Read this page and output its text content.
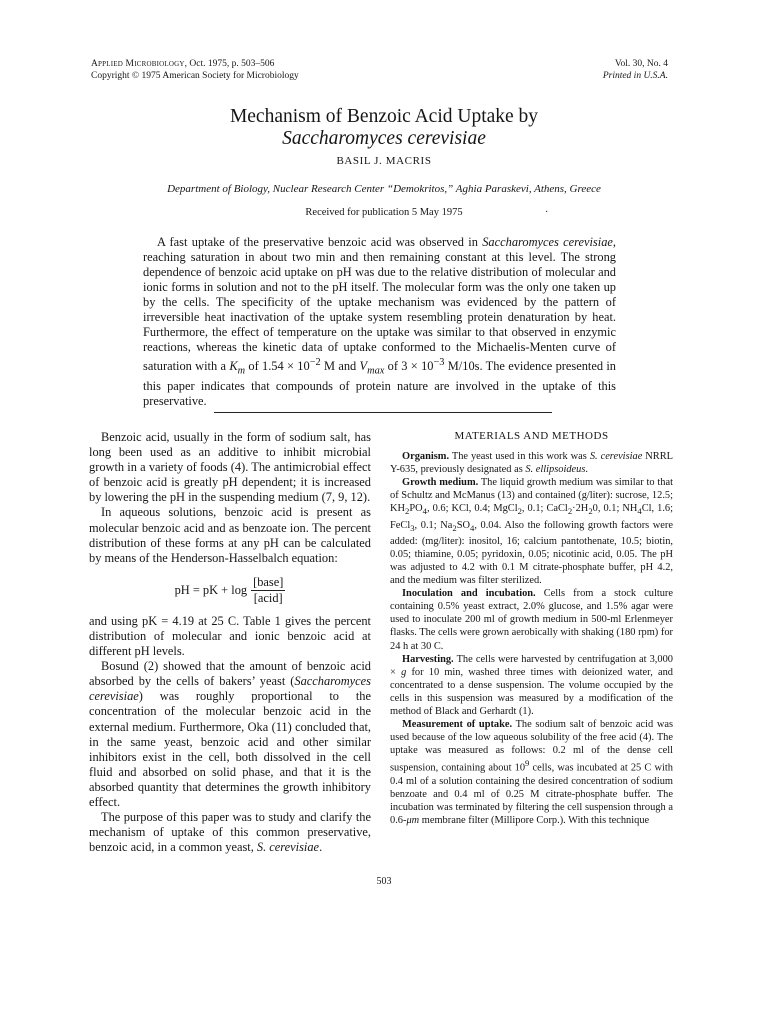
Applied Microbiology, Oct. 1975, p. 503–506
Copyright © 1975 American Society for Microbiology
Vol. 30, No. 4
Printed in U.S.A.
Mechanism of Benzoic Acid Uptake by
Saccharomyces cerevisiae
BASIL J. MACRIS
Department of Biology, Nuclear Research Center “Demokritos,” Aghia Paraskevi, Athens, Greece
Received for publication 5 May 1975	·

A fast uptake of the preservative benzoic acid was observed in Saccharomyces cerevisiae, reaching saturation in about two min and then remaining constant at this level. The strong dependence of benzoic acid uptake on pH was due to the relative distribution of molecular and ionic forms in solution and not to the pH itself. The molecular form was the only one taken up by the cells. The specificity of the uptake mechanism was evidenced by the pattern of irreversible heat inactivation of the uptake system resembling protein denaturation by heat. Furthermore, the effect of temperature on the uptake was similar to that observed in enzymic reactions, whereas the kinetic data of uptake conformed to the Michaelis-Menten curve of saturation with a $K_m$ of $1.54 \times 10^{-2}$ M and $V_{max}$ of $3 \times 10^{-3}$ M/10s. The evidence presented in this paper indicates that compounds of protein nature are involved in the uptake of this preservative.

Benzoic acid, usually in the form of sodium salt, has long been used as an additive to inhibit microbial growth in a variety of foods (4). The antimicrobial effect of benzoic acid is greatly pH dependent; it is increased by lowering the pH in the suspending medium (7, 9, 12).

In aqueous solutions, benzoic acid is present as molecular benzoic acid and as benzoate ion. The percent distribution of these forms at any pH can be calculated by means of the Henderson-Hasselbalch equation:

pH = pK + $\log \frac{\text{[base]}}{\text{[acid]}}$

and using pK = 4.19 at 25 C. Table 1 gives the percent distribution of molecular and ionic benzoic acid at different pH levels.

Bosund (2) showed that the amount of benzoic acid absorbed by the cells of bakers’ yeast (Saccharomyces cerevisiae) was roughly proportional to the concentration of the molecular benzoic acid in the external medium. Furthermore, Oka (11) concluded that, in the same yeast, benzoic acid and other similar inhibitors exist in the cell, both dissolved in the cell fluid and absorbed on solid phase, and that it is the absorbed quantity that determines the growth inhibitory effect.

The purpose of this paper was to study and clarify the mechanism of uptake of this common preservative, benzoic acid, in a common yeast, S. cerevisiae.

MATERIALS AND METHODS

Organism. The yeast used in this work was S. cerevisiae NRRL Y-635, previously designated as S. ellipsoideus.

Growth medium. The liquid growth medium was similar to that of Schultz and McManus (13) and contained (g/liter): sucrose, 12.5; $KH_2PO_4$, 0.6; KCl, 0.4; MgCl$_2$, 0.1; $CaCl_2\cdot 2H_20$, 0.1; $NH_4Cl$, 1.6; FeCl$_3$, 0.1; $Na_2SO_4$, 0.04. Also the following growth factors were added: (mg/liter): inositol, 16; calcium pantothenate, 10.5; biotin, 0.05; thiamine, 0.05; pyridoxin, 0.05; nicotinic acid, 0.05. The pH was adjusted to 4.2 with 0.1 M citrate-phosphate buffer, pH 4.2, and the medium was filter sterilized.

Inoculation and incubation. Cells from a stock culture containing 0.5% yeast extract, 2.0% glucose, and 1.5% agar were used to inoculate 200 ml of growth medium in 500-ml Erlenmeyer flasks. The cells were grown aerobically with shaking (180 rpm) for 24 h at 30 C.

Harvesting. The cells were harvested by centrifugation at 3,000 × g for 10 min, washed three times with deionized water, and concentrated to a dense suspension. The volume occupied by the cells in this suspension was measured by a modification of the method of Black and Gerhardt (1).

Measurement of uptake. The sodium salt of benzoic acid was used because of the low aqueous solubility of the free acid (4). The uptake was measured as follows: 0.2 ml of the dense cell suspension, containing about $10^9$ cells, was incubated at 25 C with 0.4 ml of a solution containing the desired concentration of sodium benzoate and 0.4 ml of 0.25 M citrate-phosphate buffer. The incubation was terminated by filtering the cell suspension through a 0.6-μm membrane filter (Millipore Corp.). With this technique

503
